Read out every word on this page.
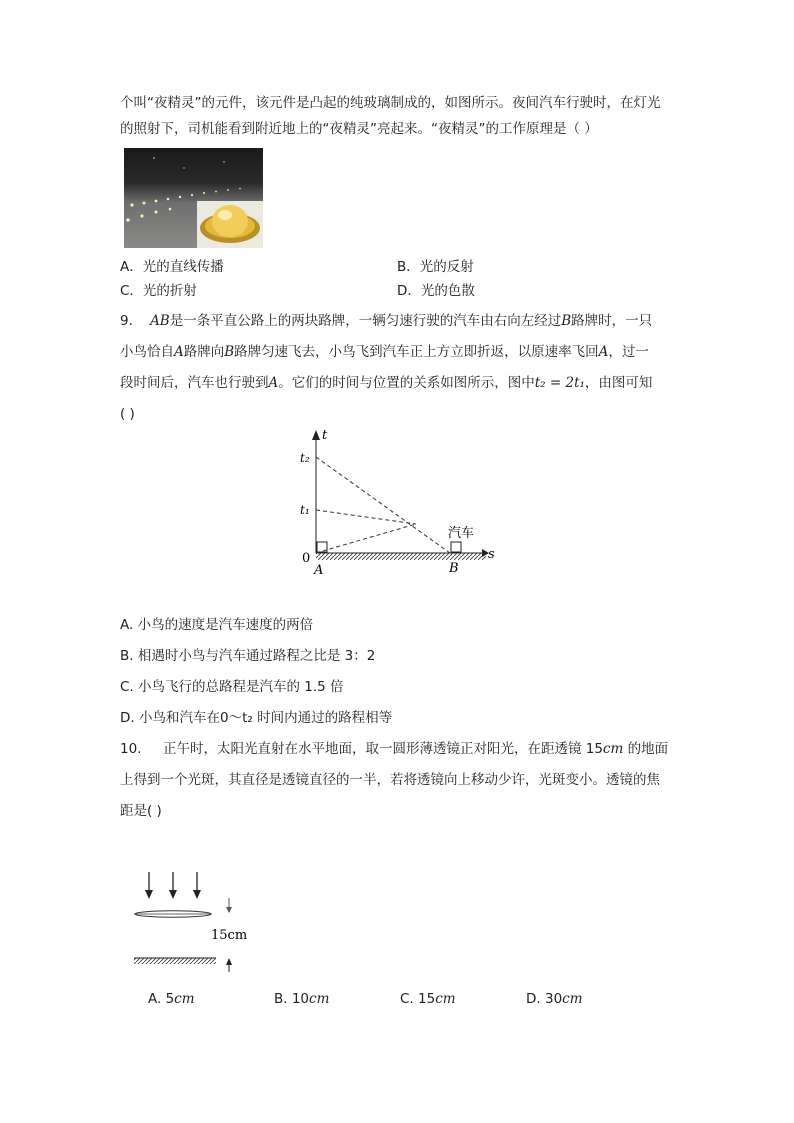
个叫“夜精灵”的元件，该元件是凸起的纯玻璃制成的，如图所示。夜间汽车行驶时，在灯光
的照射下，司机能看到附近地上的“夜精灵”亮起来。“夜精灵”的工作原理是（ ）
A．光的直线传播	B．光的反射
C．光的折射	D．光的色散
9. AB是一条平直公路上的两块路牌，一辆匀速行驶的汽车由右向左经过B路牌时，一只
小鸟恰自A路牌向B路牌匀速飞去，小鸟飞到汽车正上方立即折返，以原速率飞回A，过一
段时间后，汽车也行驶到A。它们的时间与位置的关系如图所示，图中t₂ = 2t₁，由图可知
( )
t
s
t₂
t₁
0
A	B
汽车
A. 小鸟的速度是汽车速度的两倍
B. 相遇时小鸟与汽车通过路程之比是 3：2
C. 小鸟飞行的总路程是汽车的 1.5 倍
D. 小鸟和汽车在0～t₂ 时间内通过的路程相等
10. 正午时，太阳光直射在水平地面，取一圆形薄透镜正对阳光，在距透镜 15cm 的地面
上得到一个光斑，其直径是透镜直径的一半，若将透镜向上移动少许，光斑变小。透镜的焦
距是( )
15cm
A. 5cm	B. 10cm	C. 15cm	D. 30cm
